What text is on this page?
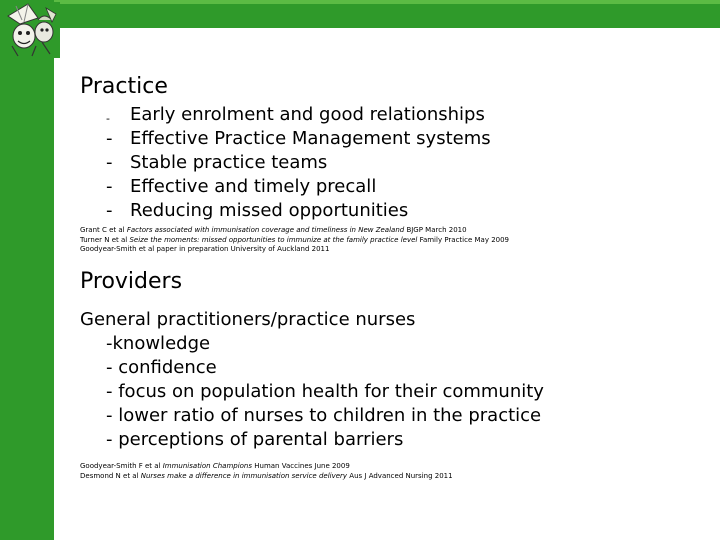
Practice
- Early enrolment and good relationships
- Effective Practice Management systems
- Stable practice teams
- Effective and timely precall
- Reducing missed opportunities
Grant C et al Factors associated with immunisation coverage and timeliness in New Zealand BJGP March 2010
Turner N et al Seize the moments: missed opportunities to immunize at the family practice level Family Practice May 2009
Goodyear-Smith et al paper in preparation University of Auckland 2011
Providers
General practitioners/practice nurses
-knowledge
- confidence
- focus on population health for their community
- lower ratio of nurses to children in the practice
- perceptions of parental barriers
Goodyear-Smith F et al Immunisation Champions Human Vaccines June 2009
Desmond N et al Nurses make a difference in immunisation service delivery Aus J Advanced Nursing 2011
